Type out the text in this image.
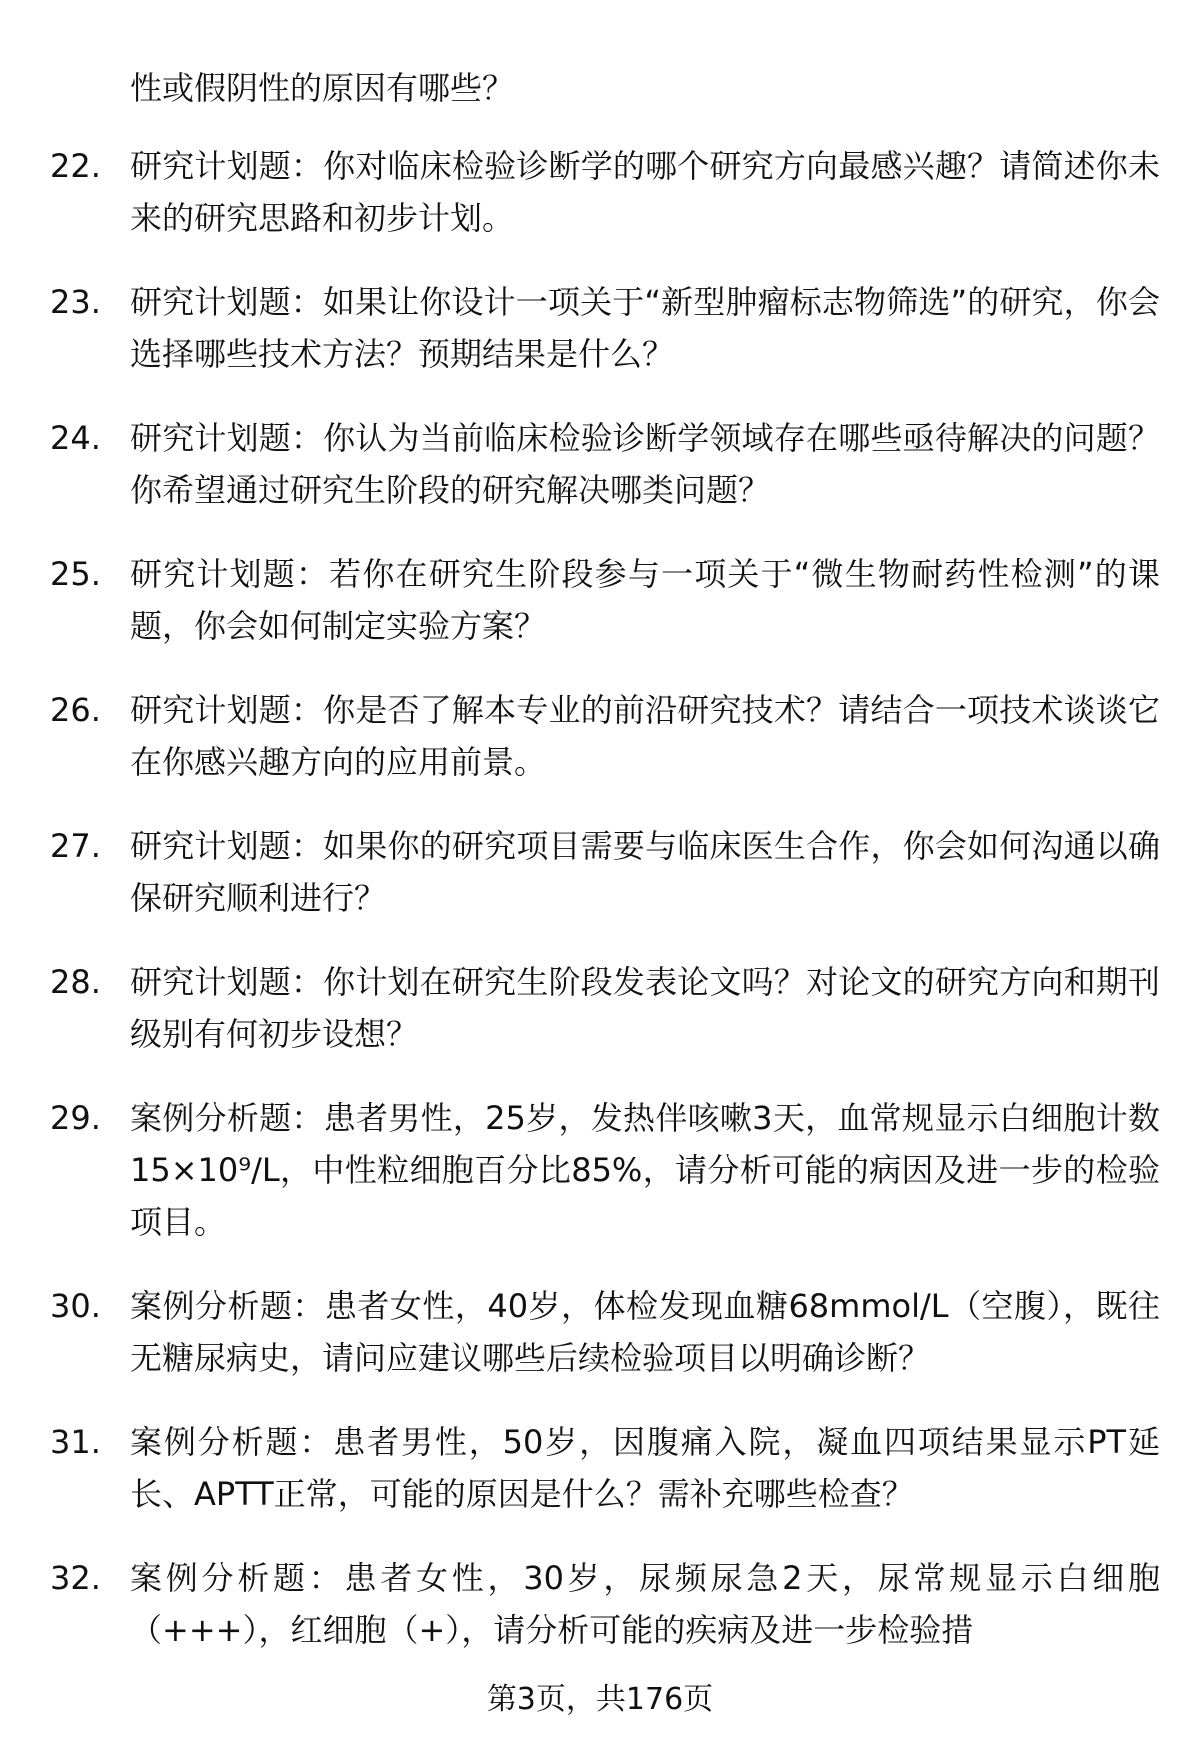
性或假阴性的原因有哪些？

22. 研究计划题：你对临床检验诊断学的哪个研究方向最感兴趣？请简述你未来的研究思路和初步计划。
23. 研究计划题：如果让你设计一项关于“新型肿瘤标志物筛选”的研究，你会选择哪些技术方法？预期结果是什么？
24. 研究计划题：你认为当前临床检验诊断学领域存在哪些亟待解决的问题？你希望通过研究生阶段的研究解决哪类问题？
25. 研究计划题：若你在研究生阶段参与一项关于“微生物耐药性检测”的课题，你会如何制定实验方案？
26. 研究计划题：你是否了解本专业的前沿研究技术？请结合一项技术谈谈它在你感兴趣方向的应用前景。
27. 研究计划题：如果你的研究项目需要与临床医生合作，你会如何沟通以确保研究顺利进行？
28. 研究计划题：你计划在研究生阶段发表论文吗？对论文的研究方向和期刊级别有何初步设想？
29. 案例分析题：患者男性，25岁，发热伴咳嗽3天，血常规显示白细胞计数15×10⁹/L，中性粒细胞百分比85%，请分析可能的病因及进一步的检验项目。
30. 案例分析题：患者女性，40岁，体检发现血糖68mmol/L（空腹），既往无糖尿病史，请问应建议哪些后续检验项目以明确诊断？
31. 案例分析题：患者男性，50岁，因腹痛入院，凝血四项结果显示PT延长、APTT正常，可能的原因是什么？需补充哪些检查？
32. 案例分析题：患者女性，30岁，尿频尿急2天，尿常规显示白细胞（+++），红细胞（+），请分析可能的疾病及进一步检验措
第3页，共176页
